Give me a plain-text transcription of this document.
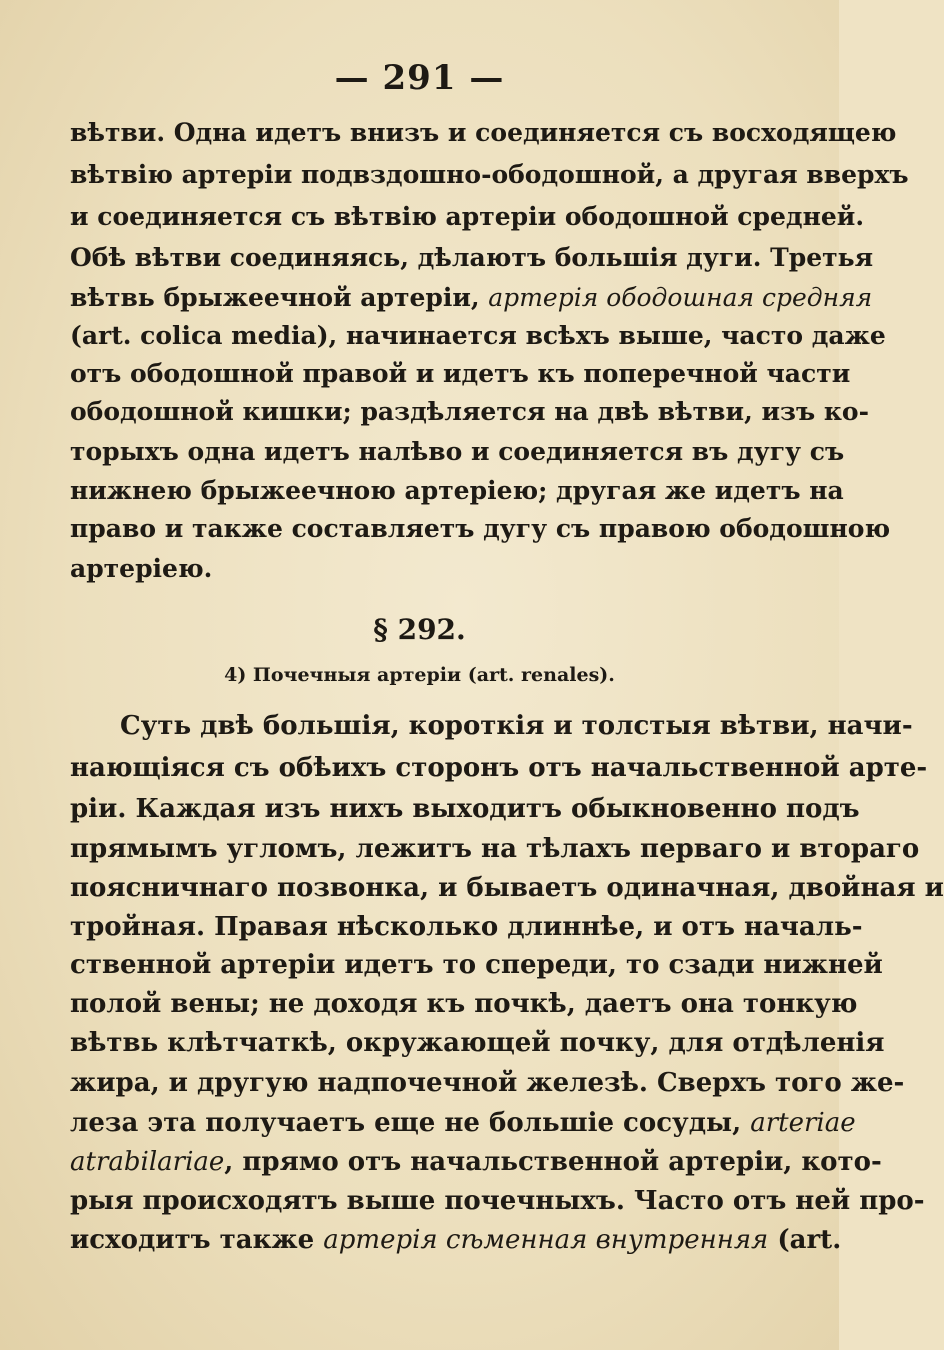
— 291 —
вѣтви. Одна идетъ внизъ и соединяется съ восходящею
вѣтвію артеріи подвздошно-ободошной, а другая вверхъ
и соединяется съ вѣтвію артеріи ободошной средней.
Обѣ вѣтви соединяясь, дѣлаютъ большія дуги. Третья
вѣтвь брыжеечной артеріи, артерія ободошная средняя
(art. colica media), начинается всѣхъ выше, часто даже
отъ ободошной правой и идетъ къ поперечной части
ободошной кишки; раздѣляется на двѣ вѣтви, изъ ко-
торыхъ одна идетъ налѣво и соединяется въ дугу съ
нижнею брыжеечною артеріею; другая же идетъ на
право и также составляетъ дугу съ правою ободошною
артеріею.
§ 292.
4) Почечныя артеріи (art. renales).
Суть двѣ большія, короткія и толстыя вѣтви, начи-
нающіяся съ обѣихъ сторонъ отъ начальственной арте-
ріи. Каждая изъ нихъ выходитъ обыкновенно подъ
прямымъ угломъ, лежитъ на тѣлахъ перваго и втораго
поясничнаго позвонка, и бываетъ одиначная, двойная и
тройная. Правая нѣсколько длиннѣе, и отъ началь-
ственной артеріи идетъ то спереди, то сзади нижней
полой вены; не доходя къ почкѣ, даетъ она тонкую
вѣтвь клѣтчаткѣ, окружающей почку, для отдѣленія
жира, и другую надпочечной железѣ. Сверхъ того же-
леза эта получаетъ еще не большіе сосуды, arteriae
atrabilariae, прямо отъ начальственной артеріи, кото-
рыя происходятъ выше почечныхъ. Часто отъ ней про-
исходитъ также артерія сѣменная внутренняя (art.
